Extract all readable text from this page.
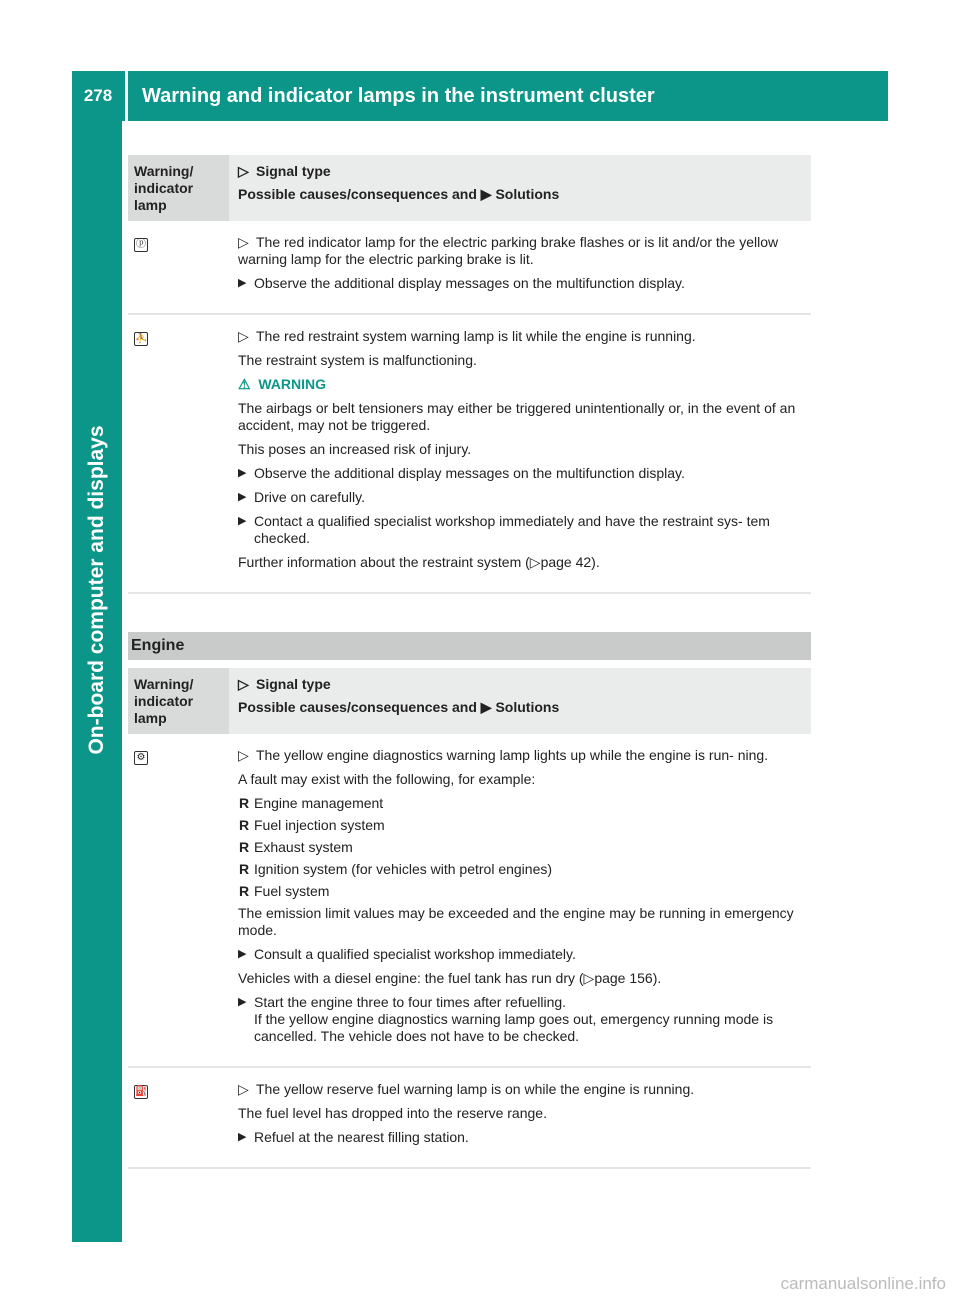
278	Warning and indicator lamps in the instrument cluster
On-board computer and displays
Warning/
indicator
lamp
▷ Signal type
Possible causes/consequences and ▶ Solutions
ⓟ	▷ The red indicator lamp for the electric parking brake flashes or is lit and/or the yellow warning lamp for the electric parking brake is lit.

▶ Observe the additional display messages on the multifunction display.
⛹	▷ The red restraint system warning lamp is lit while the engine is running.

The restraint system is malfunctioning.

⚠ WARNING

The airbags or belt tensioners may either be triggered unintentionally or, in the event of an accident, may not be triggered.

This poses an increased risk of injury.

▶ Observe the additional display messages on the multifunction display.
▶ Drive on carefully.
▶ Contact a qualified specialist workshop immediately and have the restraint sys- tem checked.

Further information about the restraint system (▷page 42).

Engine
Warning/
indicator
lamp
▷ Signal type
Possible causes/consequences and ▶ Solutions
⚙	▷ The yellow engine diagnostics warning lamp lights up while the engine is run- ning.

A fault may exist with the following, for example:

R Engine management
R Fuel injection system
R Exhaust system
R Ignition system (for vehicles with petrol engines)
R Fuel system

The emission limit values may be exceeded and the engine may be running in emergency mode.

▶ Consult a qualified specialist workshop immediately.

Vehicles with a diesel engine: the fuel tank has run dry (▷page 156).

▶ Start the engine three to four times after refuelling.
If the yellow engine diagnostics warning lamp goes out, emergency running mode is cancelled. The vehicle does not have to be checked.
⛽	▷ The yellow reserve fuel warning lamp is on while the engine is running.

The fuel level has dropped into the reserve range.

▶ Refuel at the nearest filling station.
carmanualsonline.info
